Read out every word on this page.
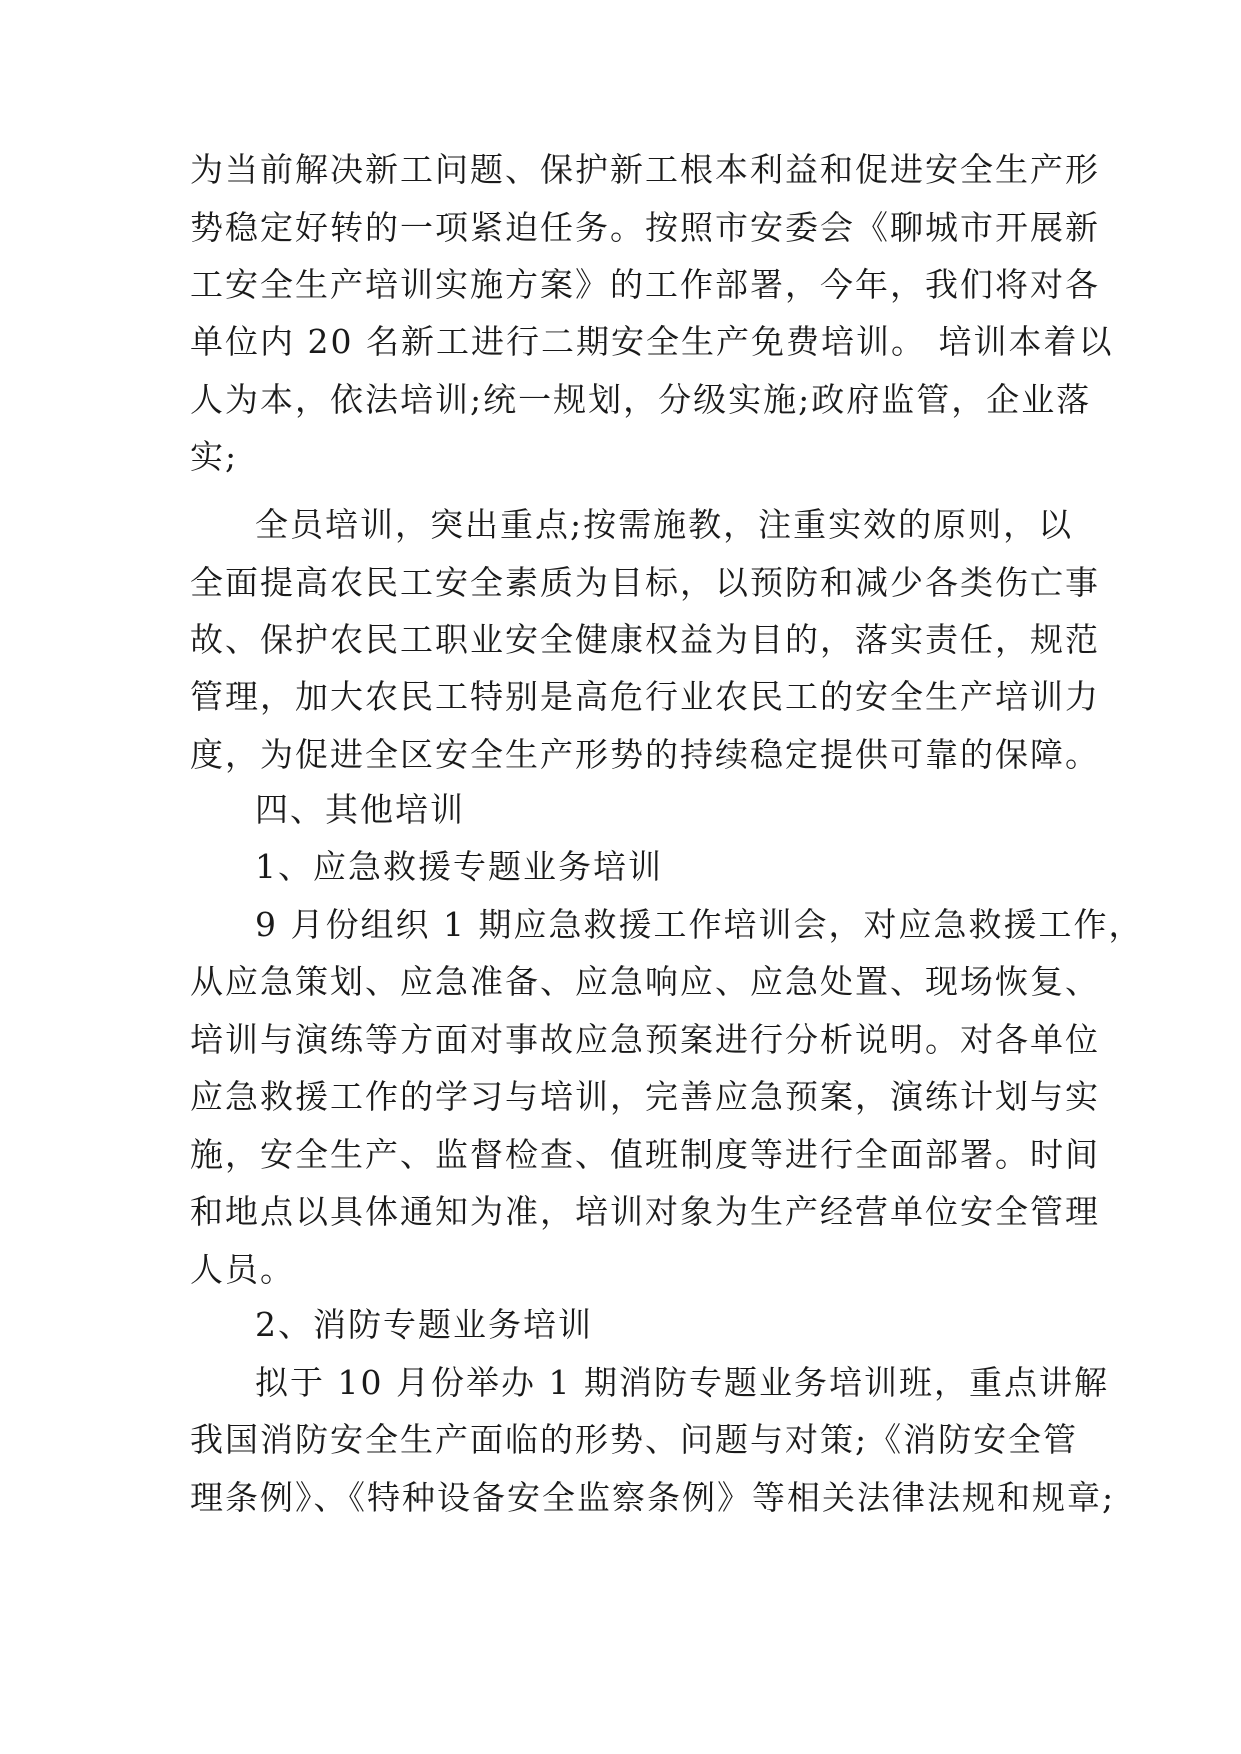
为当前解决新工问题、保护新工根本利益和促进安全生产形
势稳定好转的一项紧迫任务。按照市安委会《聊城市开展新
工安全生产培训实施方案》的工作部署，今年，我们将对各
单位内 20 名新工进行二期安全生产免费培训。 培训本着以
人为本，依法培训;统一规划，分级实施;政府监管，企业落
实;
全员培训，突出重点;按需施教，注重实效的原则，以
全面提高农民工安全素质为目标，以预防和减少各类伤亡事
故、保护农民工职业安全健康权益为目的，落实责任，规范
管理，加大农民工特别是高危行业农民工的安全生产培训力
度，为促进全区安全生产形势的持续稳定提供可靠的保障。
四、其他培训
1、应急救援专题业务培训
9 月份组织 1 期应急救援工作培训会，对应急救援工作，
从应急策划、应急准备、应急响应、应急处置、现场恢复、
培训与演练等方面对事故应急预案进行分析说明。对各单位
应急救援工作的学习与培训，完善应急预案，演练计划与实
施，安全生产、监督检查、值班制度等进行全面部署。时间
和地点以具体通知为准，培训对象为生产经营单位安全管理
人员。
2、消防专题业务培训
拟于 10 月份举办 1 期消防专题业务培训班，重点讲解
我国消防安全生产面临的形势、问题与对策;《消防安全管
理条例》、《特种设备安全监察条例》等相关法律法规和规章;
